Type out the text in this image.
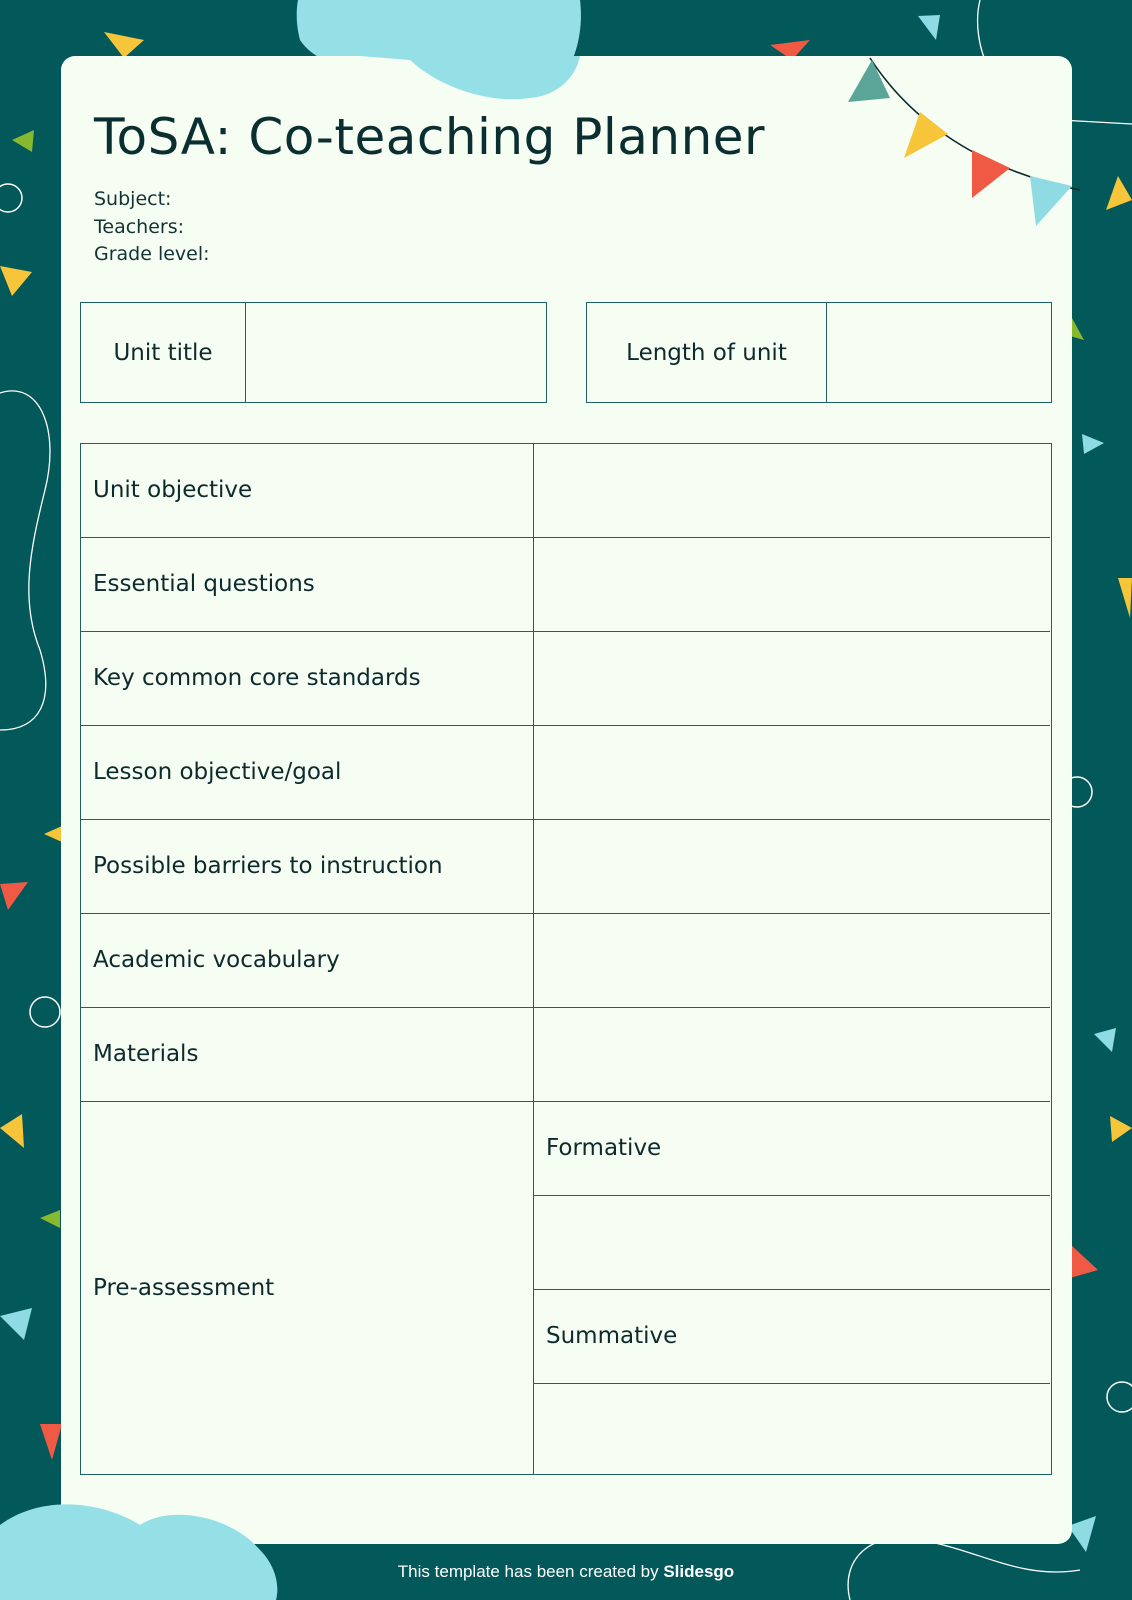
ToSA: Co-teaching Planner
Subject:
Teachers:
Grade level:
Unit title	Length of unit
Unit objective
Essential questions
Key common core standards
Lesson objective/goal
Possible barriers to instruction
Academic vocabulary
Materials
Pre-assessment
Formative
Summative
This template has been created by Slidesgo
